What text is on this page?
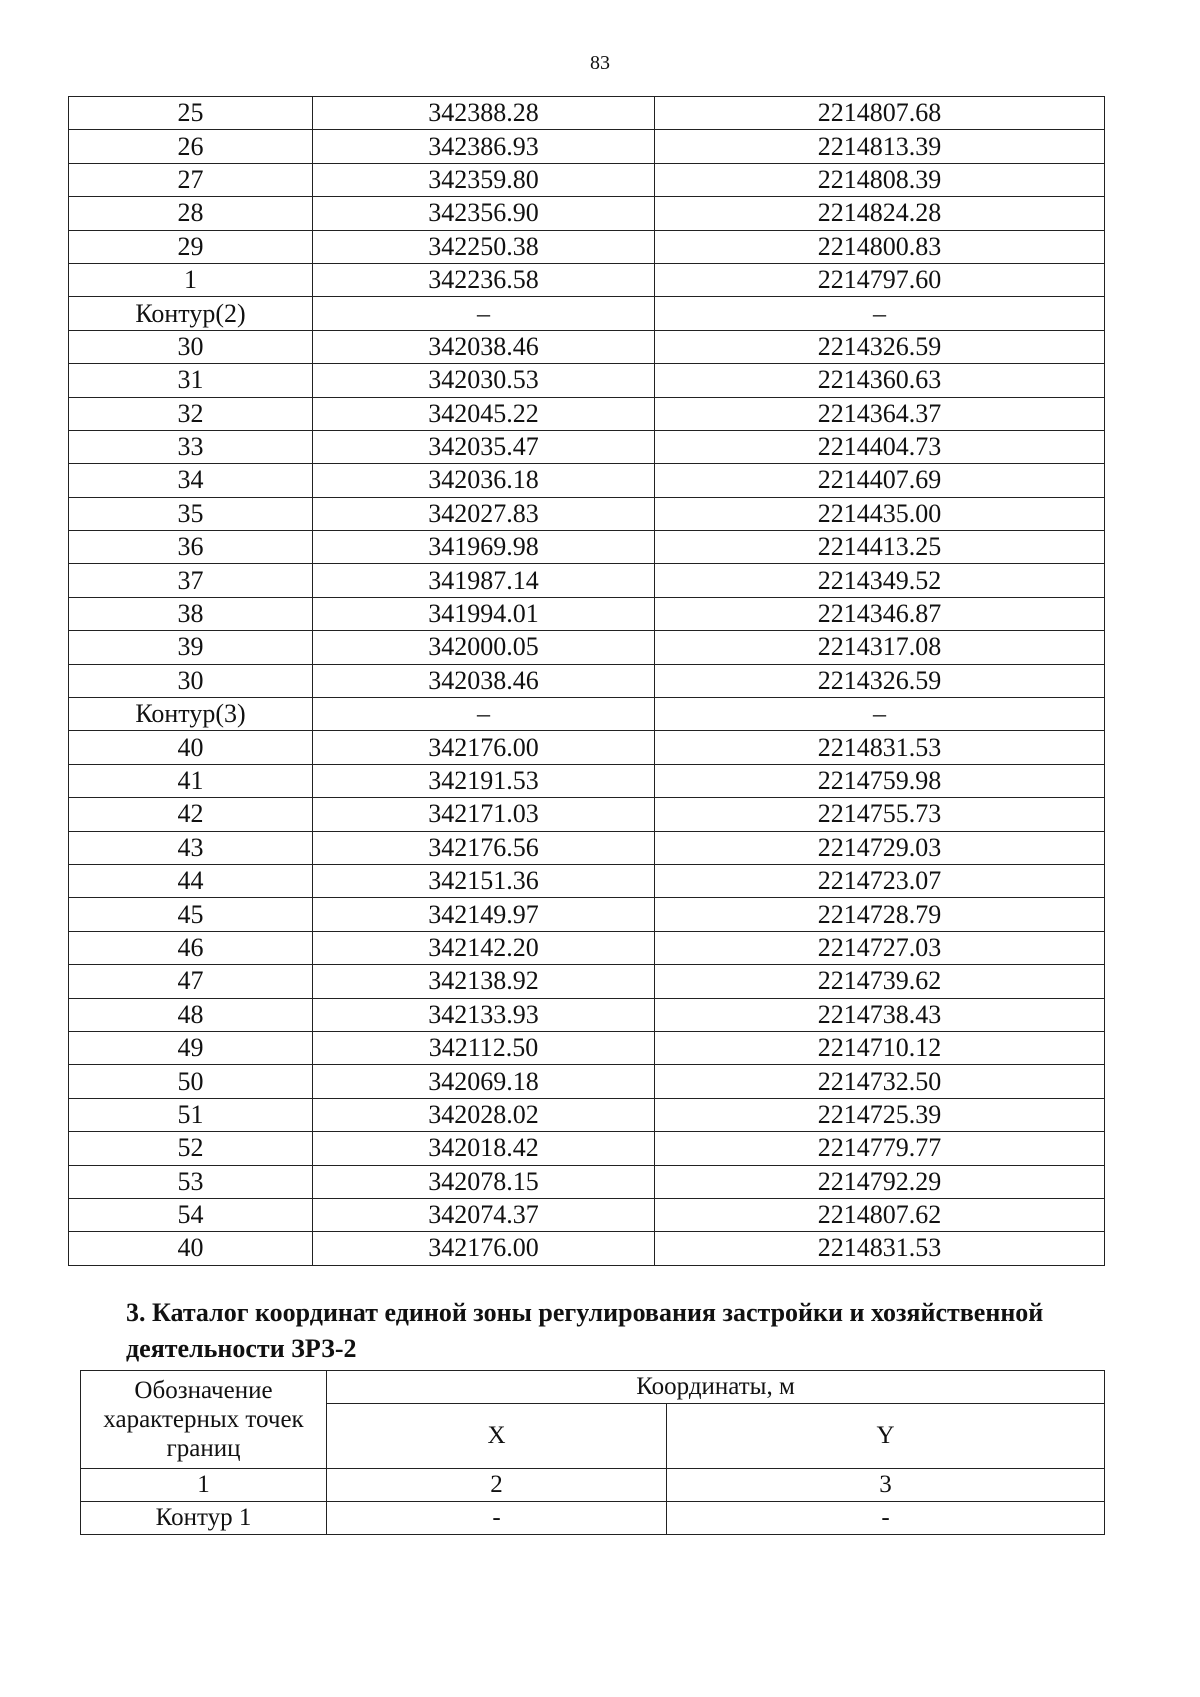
83
25	342388.28	2214807.68
26	342386.93	2214813.39
27	342359.80	2214808.39
28	342356.90	2214824.28
29	342250.38	2214800.83
1	342236.58	2214797.60
Контур(2)	–	–
30	342038.46	2214326.59
31	342030.53	2214360.63
32	342045.22	2214364.37
33	342035.47	2214404.73
34	342036.18	2214407.69
35	342027.83	2214435.00
36	341969.98	2214413.25
37	341987.14	2214349.52
38	341994.01	2214346.87
39	342000.05	2214317.08
30	342038.46	2214326.59
Контур(3)	–	–
40	342176.00	2214831.53
41	342191.53	2214759.98
42	342171.03	2214755.73
43	342176.56	2214729.03
44	342151.36	2214723.07
45	342149.97	2214728.79
46	342142.20	2214727.03
47	342138.92	2214739.62
48	342133.93	2214738.43
49	342112.50	2214710.12
50	342069.18	2214732.50
51	342028.02	2214725.39
52	342018.42	2214779.77
53	342078.15	2214792.29
54	342074.37	2214807.62
40	342176.00	2214831.53
3. Каталог координат единой зоны регулирования застройки и хозяйственной деятельности ЗРЗ-2
Обозначение характерных точек границ	Координаты, м	
	X	Y
1	2	3
Контур 1	-	-
